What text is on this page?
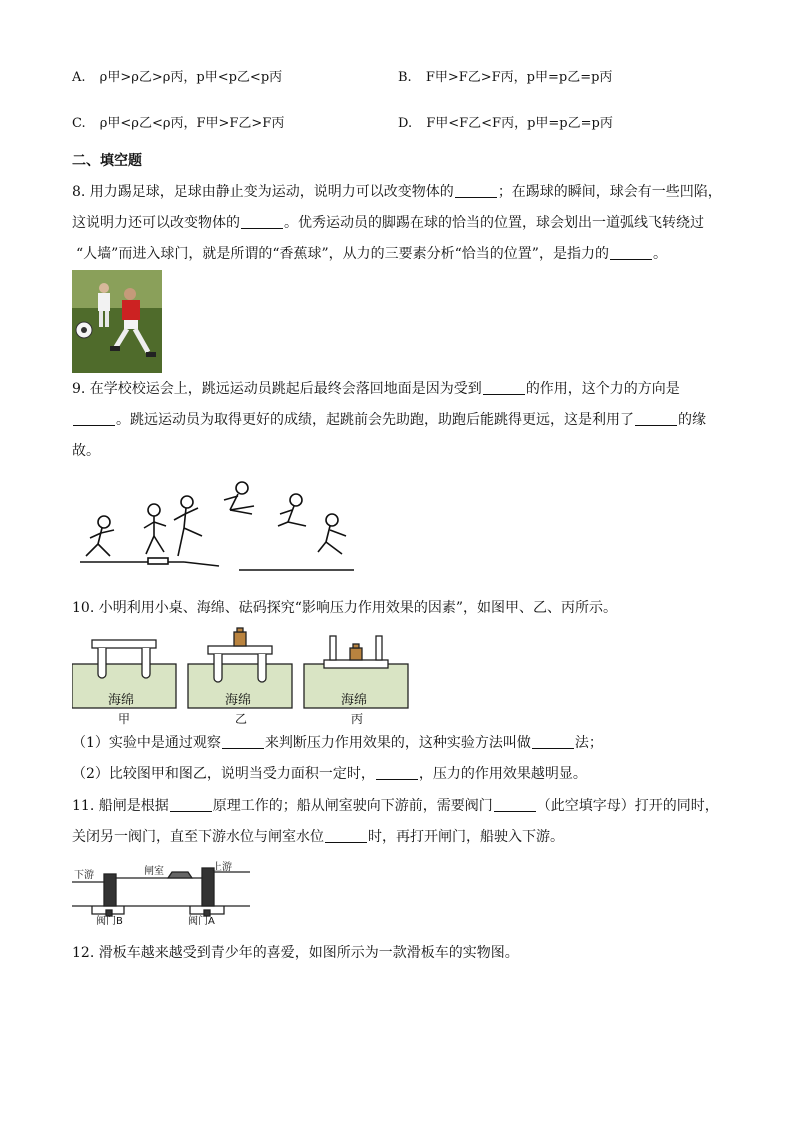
A. ρ甲>ρ乙>ρ丙，p甲<p乙<p丙	B. F甲>F乙>F丙，p甲=p乙=p丙
C. ρ甲<ρ乙<ρ丙，F甲>F乙>F丙	D. F甲<F乙<F丙，p甲=p乙=p丙
二、填空题
8. 用力踢足球，足球由静止变为运动，说明力可以改变物体的	；在踢球的瞬间，球会有一些凹陷，
这说明力还可以改变物体的	。优秀运动员的脚踢在球的恰当的位置，球会划出一道弧线飞转绕过
“人墙”而进入球门，就是所谓的“香蕉球”，从力的三要素分析“恰当的位置”，是指力的	。
9. 在学校校运会上，跳远运动员跳起后最终会落回地面是因为受到	的作用，这个力的方向是
。跳远运动员为取得更好的成绩，起跳前会先助跑，助跑后能跳得更远，这是利用了	的缘
故。
10. 小明利用小桌、海绵、砝码探究“影响压力作用效果的因素”，如图甲、乙、丙所示。
海绵	海绵	海绵
甲	乙	丙
（1）实验中是通过观察	来判断压力作用效果的，这种实验方法叫做	法；
（2）比较图甲和图乙，说明当受力面积一定时，	，压力的作用效果越明显。
11. 船闸是根据	原理工作的；船从闸室驶向下游前，需要阀门	（此空填字母）打开的同时，
关闭另一阀门，直至下游水位与闸室水位	时，再打开闸门，船驶入下游。
下游	闸室	上游
阀门B	阀门A
12. 滑板车越来越受到青少年的喜爱，如图所示为一款滑板车的实物图。
